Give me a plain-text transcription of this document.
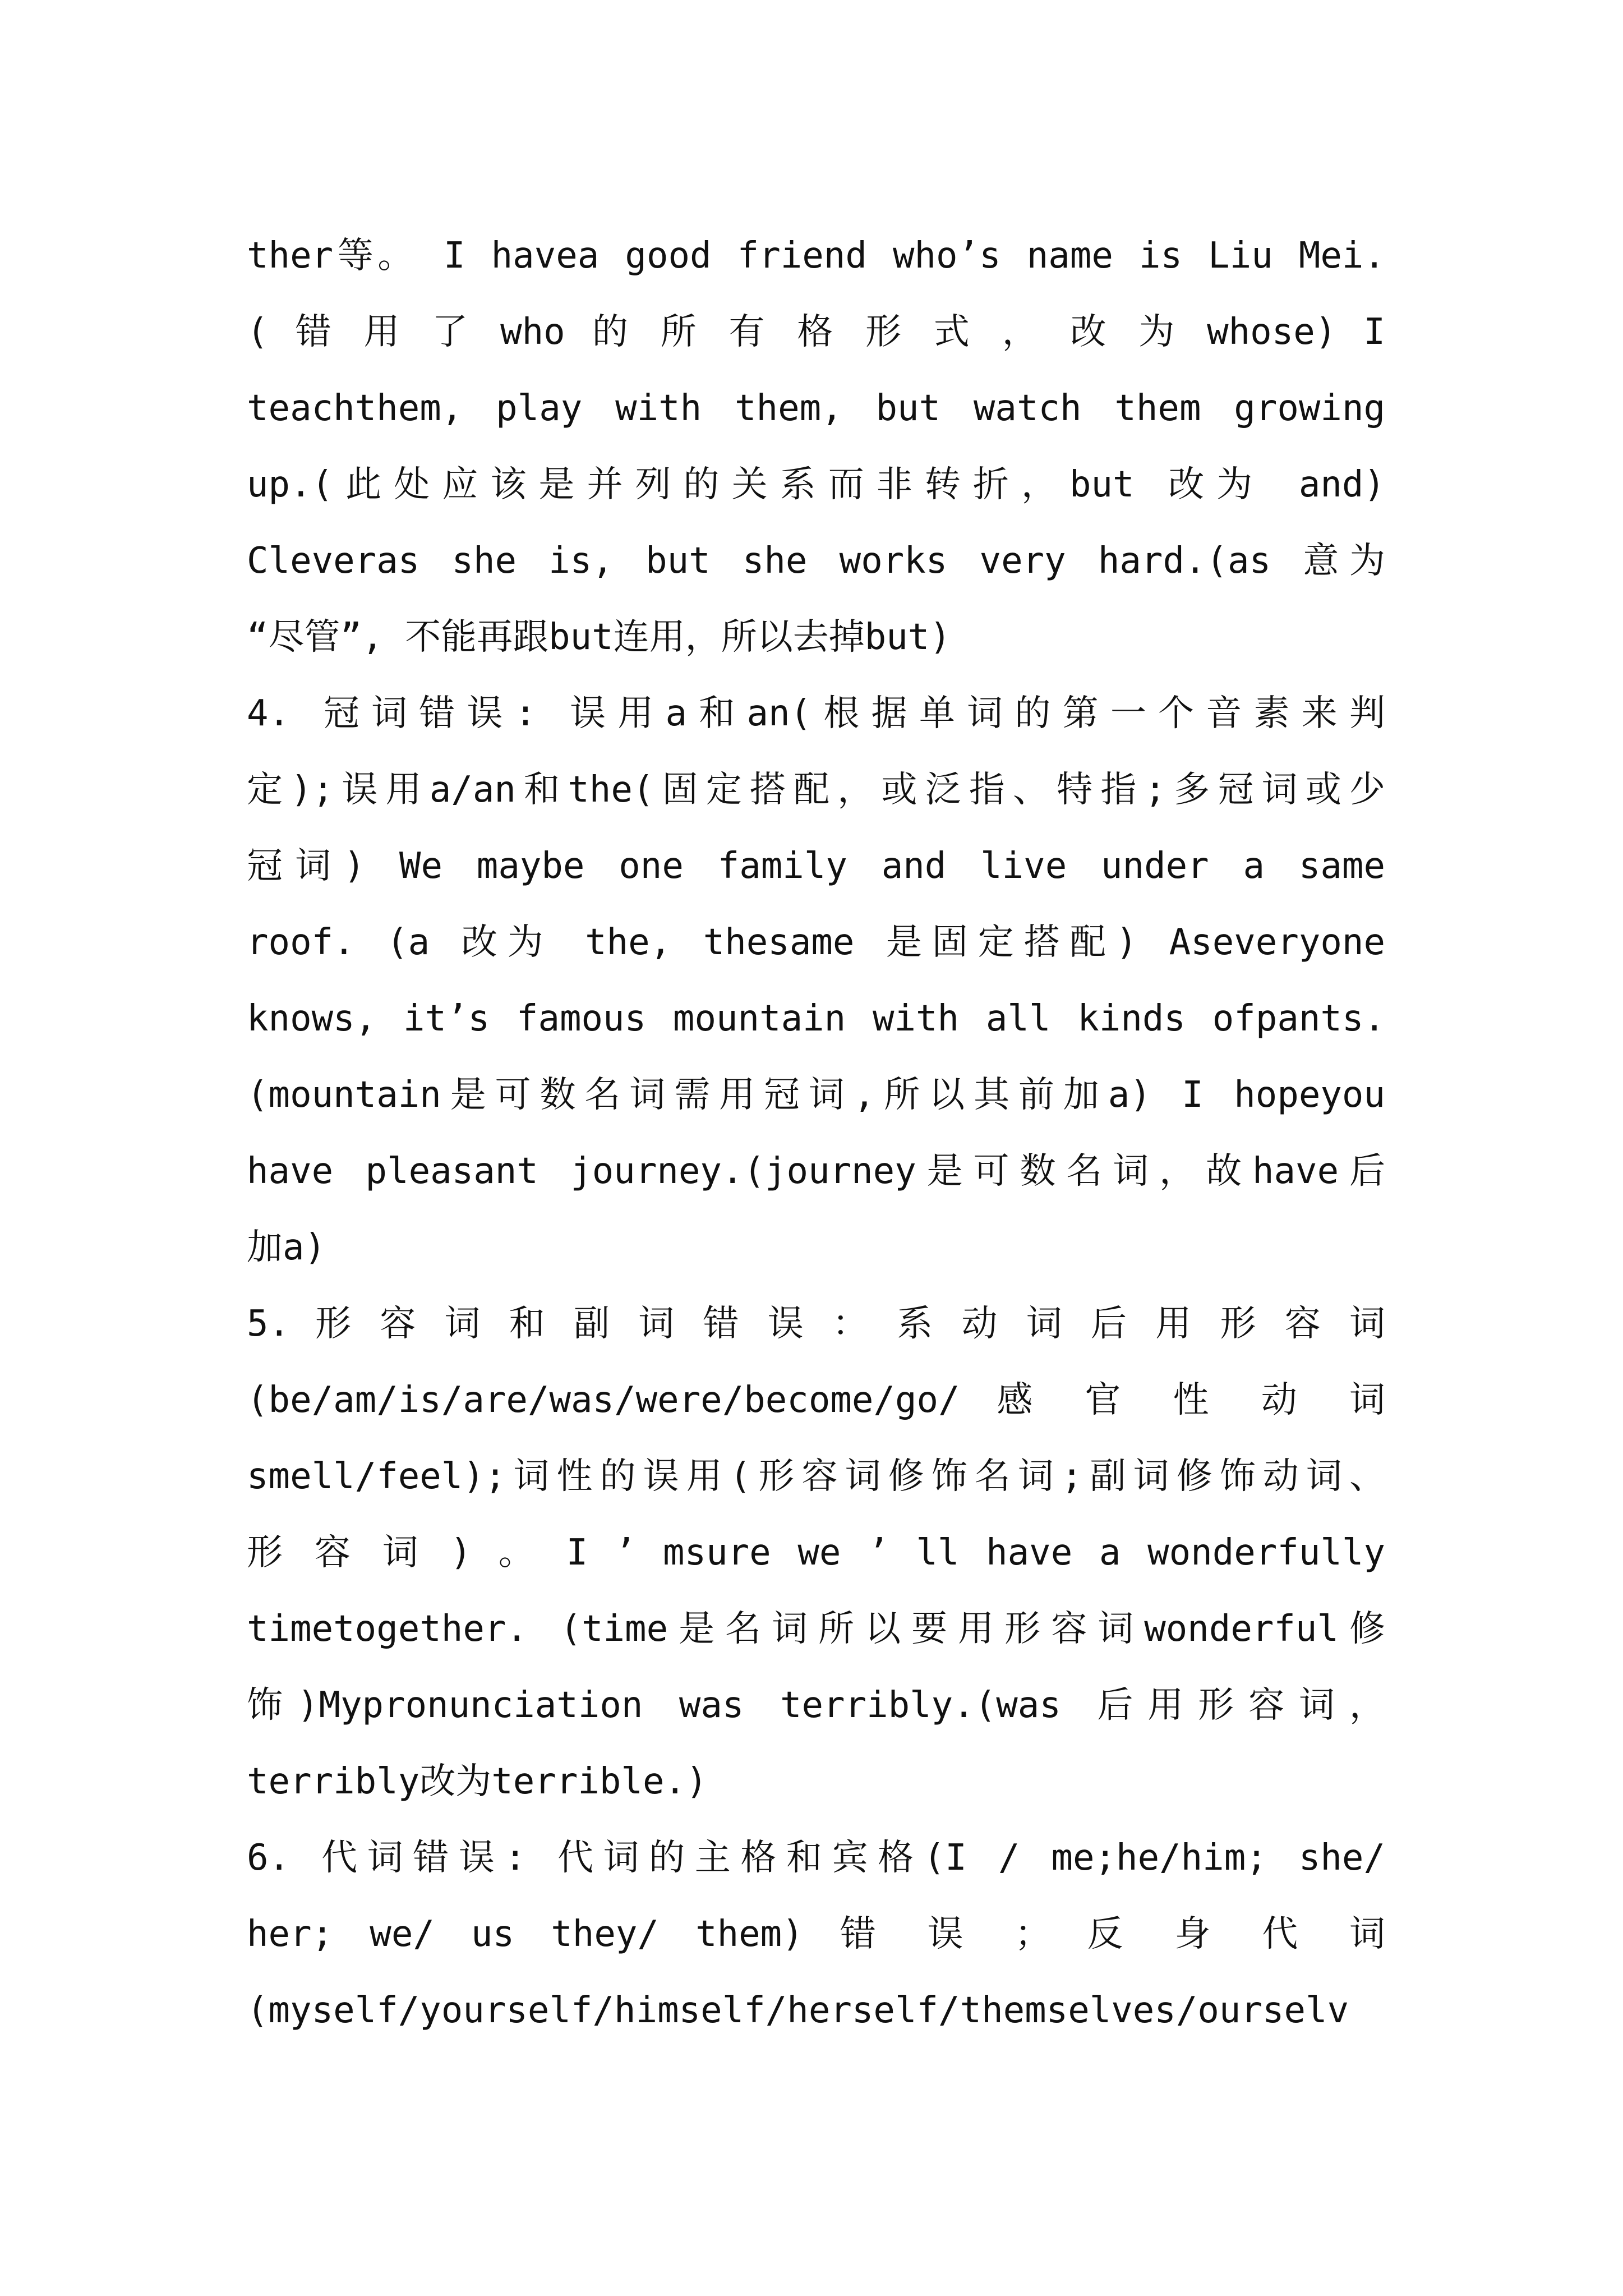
ther等。 I havea good friend who’s name is Liu Mei.
( 错 用 了 who 的 所 有 格 形 式 ， 改 为 whose) I
teachthem, play with them, but watch them growing
up.(此处应该是并列的关系而非转折，but 改为 and)
Cleveras she is, but she works very hard.(as 意为
“尽管”, 不能再跟but连用，所以去掉but)
4. 冠词错误: 误用a和an(根据单词的第一个音素来判
定);误用a/an和the(固定搭配，或泛指、特指;多冠词或少
冠词) We maybe one family and live under a same
roof. (a 改为 the, thesame 是固定搭配) Aseveryone
knows, it’s famous mountain with all kinds ofpants.
(mountain是可数名词需用冠词,所以其前加a) I hopeyou
have pleasant journey.(journey是可数名词，故have后
加a)
5. 形 容 词 和 副 词 错 误 ： 系 动 词 后 用 形 容 词
(be/am/is/are/was/were/become/go/ 感 官 性 动 词
smell/feel);词性的误用(形容词修饰名词;副词修饰动词、
形 容 词 ) 。 I ’ msure we ’ ll have a wonderfully
timetogether. (time是名词所以要用形容词wonderful修
饰)Mypronunciation was terribly.(was 后用形容词，
terribly改为terrible.)
6. 代词错误: 代词的主格和宾格(I / me;he/him; she/
her; we/ us they/ them) 错 误 ； 反 身 代 词
(myself/yourself/himself/herself/themselves/ourselv
